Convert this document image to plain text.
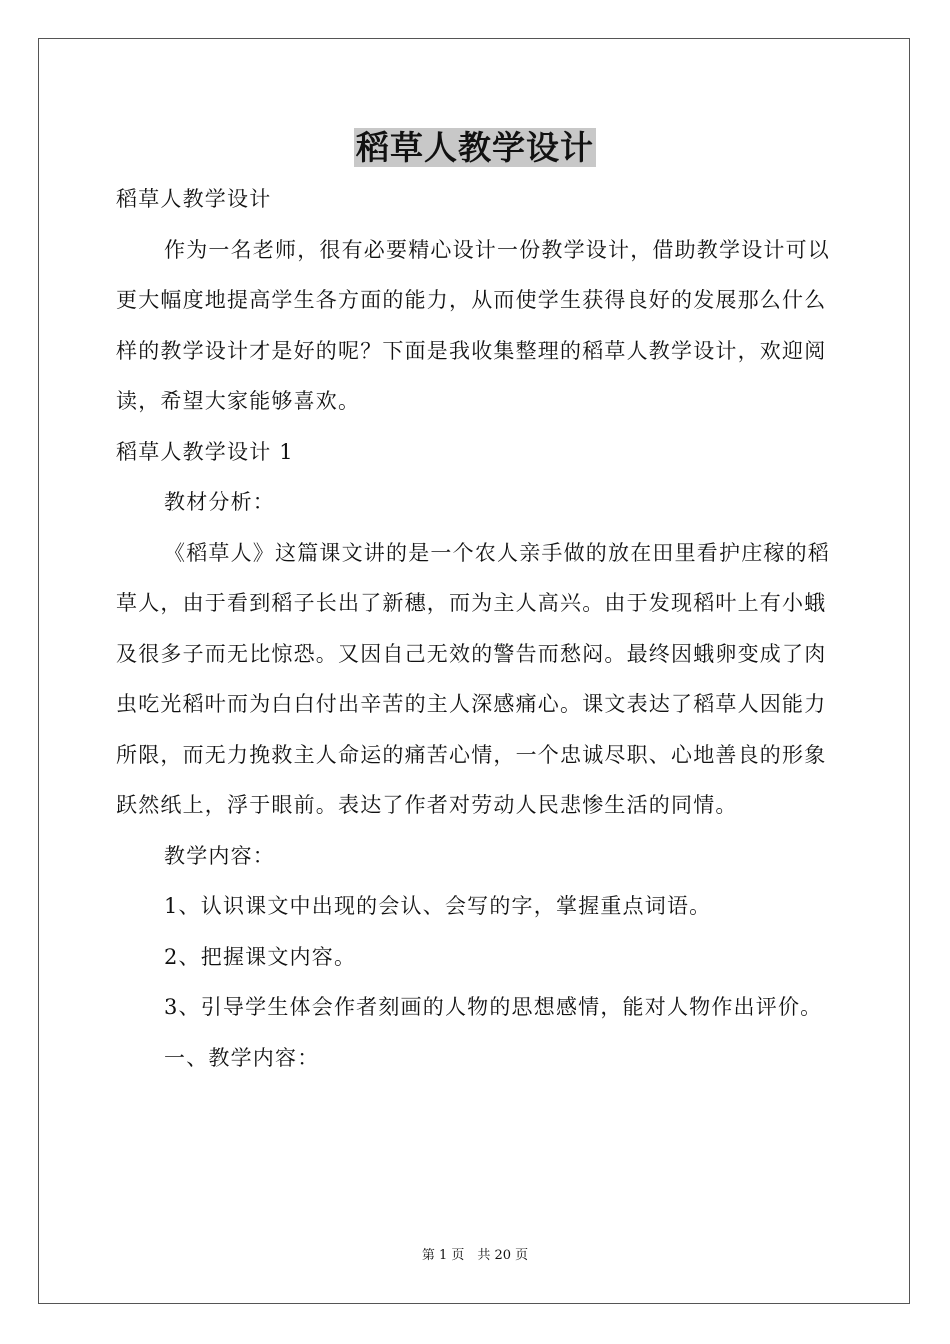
稻草人教学设计

稻草人教学设计

作为一名老师，很有必要精心设计一份教学设计，借助教学设计可以更大幅度地提高学生各方面的能力，从而使学生获得良好的发展那么什么样的教学设计才是好的呢？下面是我收集整理的稻草人教学设计，欢迎阅读，希望大家能够喜欢。

稻草人教学设计 1

教材分析：

《稻草人》这篇课文讲的是一个农人亲手做的放在田里看护庄稼的稻草人，由于看到稻子长出了新穗，而为主人高兴。由于发现稻叶上有小蛾及很多子而无比惊恐。又因自己无效的警告而愁闷。最终因蛾卵变成了肉虫吃光稻叶而为白白付出辛苦的主人深感痛心。课文表达了稻草人因能力所限，而无力挽救主人命运的痛苦心情，一个忠诚尽职、心地善良的形象跃然纸上，浮于眼前。表达了作者对劳动人民悲惨生活的同情。

教学内容：

1、认识课文中出现的会认、会写的字，掌握重点词语。

2、把握课文内容。

3、引导学生体会作者刻画的人物的思想感情，能对人物作出评价。

一、教学内容：

第 1 页　共 20 页
